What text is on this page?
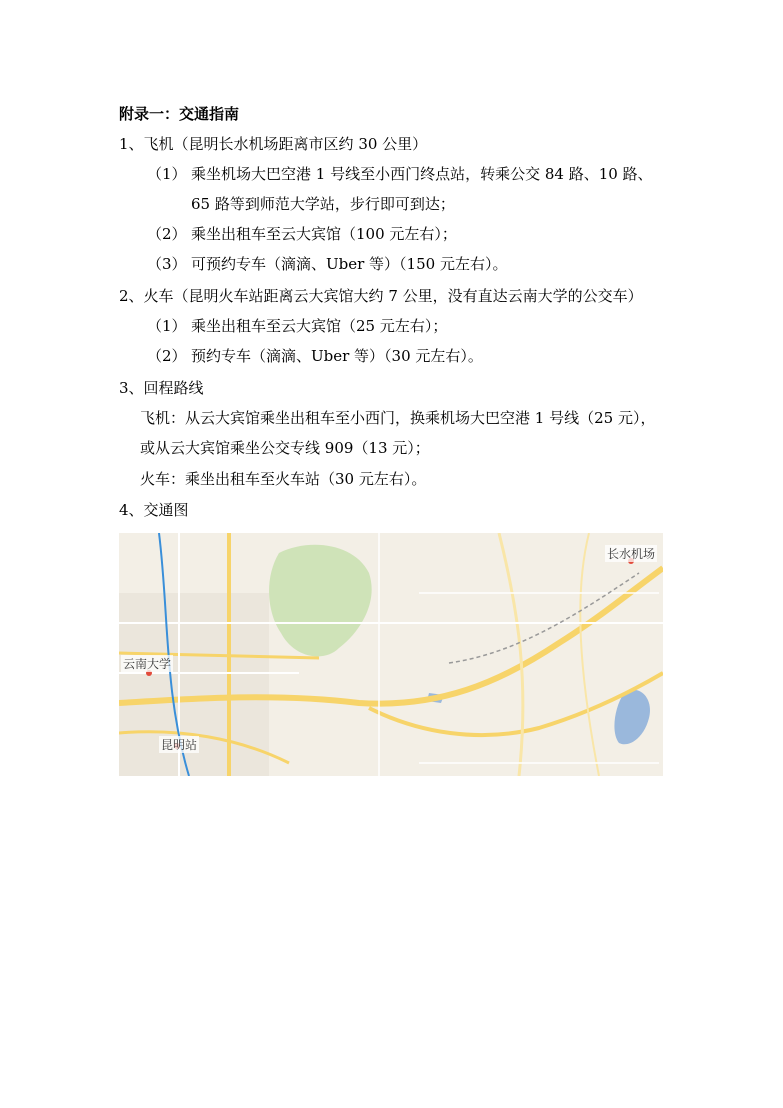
附录一：交通指南
1、飞机（昆明长水机场距离市区约 30 公里）
（1） 乘坐机场大巴空港 1 号线至小西门终点站，转乘公交 84 路、10 路、
65 路等到师范大学站，步行即可到达；
（2） 乘坐出租车至云大宾馆（100 元左右）；
（3） 可预约专车（滴滴、Uber 等）（150 元左右）。
2、火车（昆明火车站距离云大宾馆大约 7 公里，没有直达云南大学的公交车）
（1） 乘坐出租车至云大宾馆（25 元左右）；
（2） 预约专车（滴滴、Uber 等）（30 元左右）。
3、回程路线
飞机：从云大宾馆乘坐出租车至小西门，换乘机场大巴空港 1 号线（25 元），
或从云大宾馆乘坐公交专线 909（13 元）；
火车：乘坐出租车至火车站（30 元左右）。
4、交通图
长水机场
云南大学
昆明站
